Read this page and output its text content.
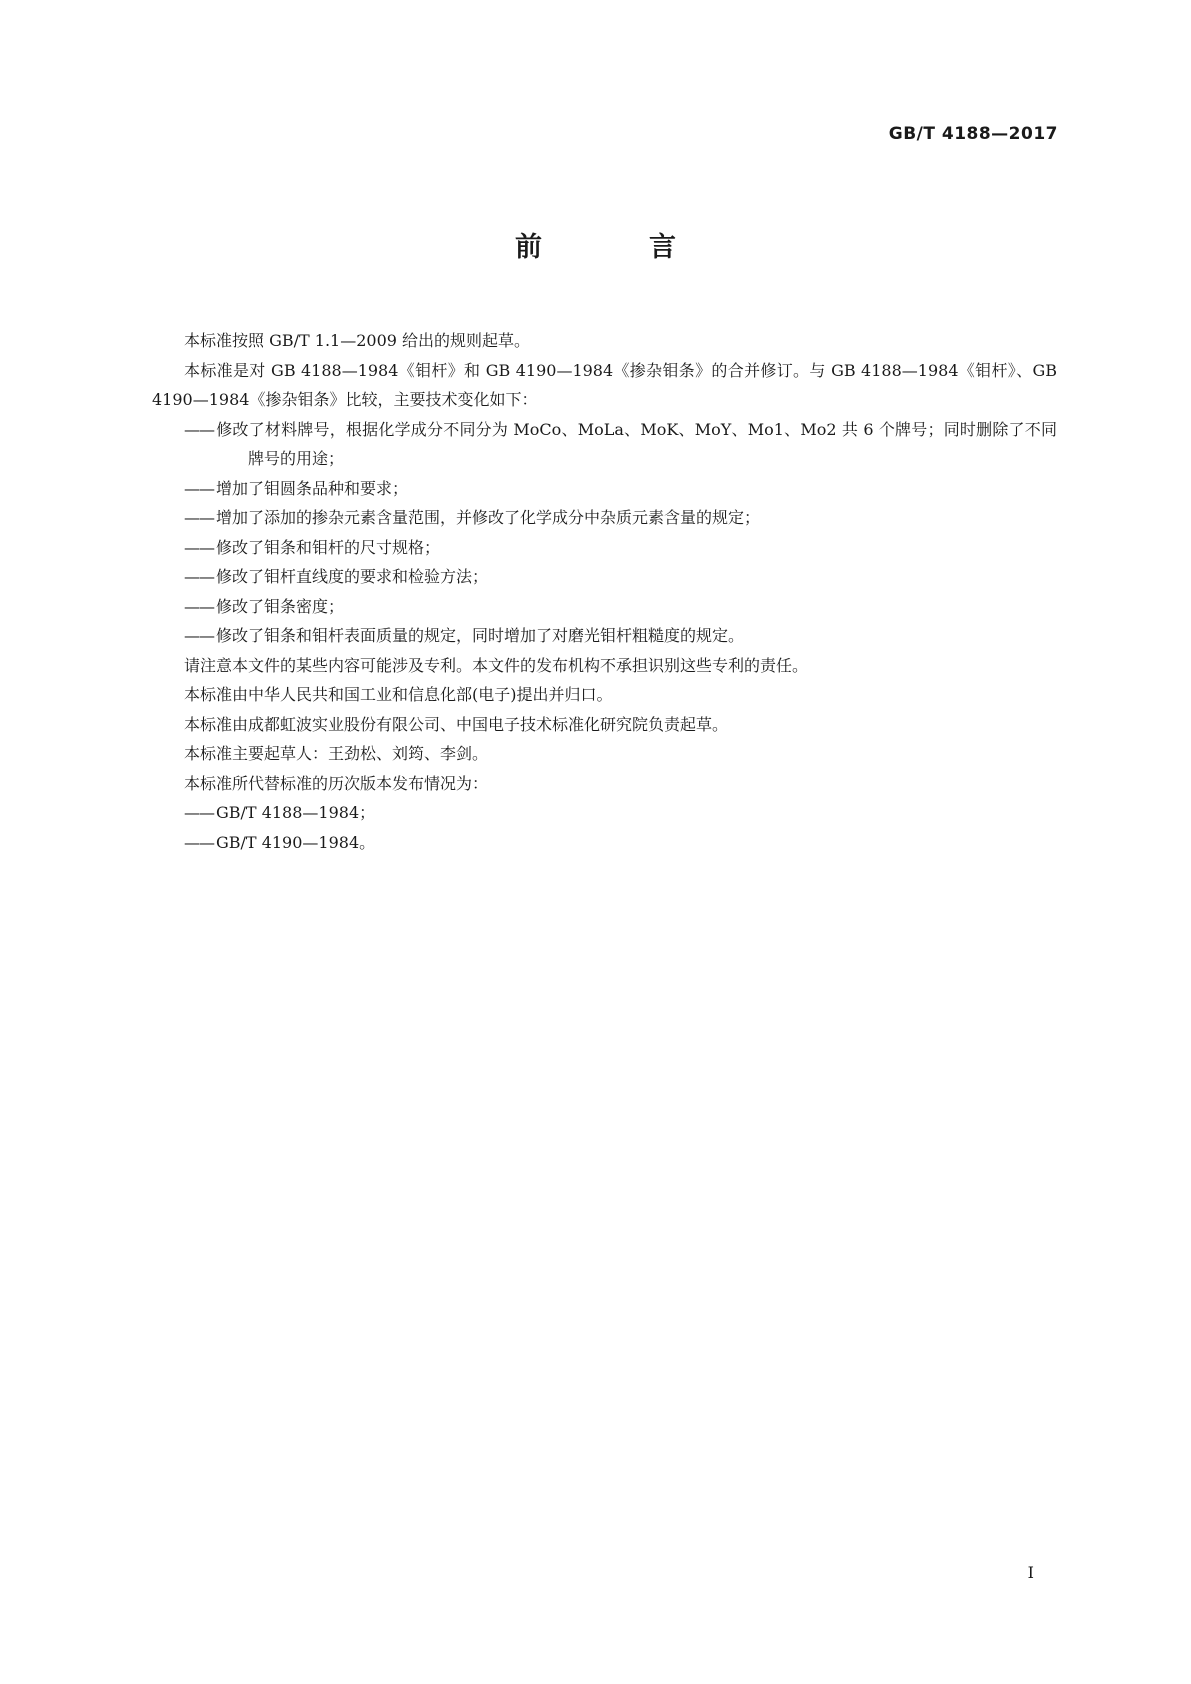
GB/T 4188—2017
前　言

本标准按照 GB/T 1.1—2009 给出的规则起草。

本标准是对 GB 4188—1984《钼杆》和 GB 4190—1984《掺杂钼条》的合并修订。与 GB 4188—1984《钼杆》、GB 4190—1984《掺杂钼条》比较，主要技术变化如下：

—— 修改了材料牌号，根据化学成分不同分为 MoCo、MoLa、MoK、MoY、Mo1、Mo2 共 6 个牌号；同时删除了不同牌号的用途；

—— 增加了钼圆条品种和要求；

—— 增加了添加的掺杂元素含量范围，并修改了化学成分中杂质元素含量的规定；

—— 修改了钼条和钼杆的尺寸规格；

—— 修改了钼杆直线度的要求和检验方法；

—— 修改了钼条密度；

—— 修改了钼条和钼杆表面质量的规定，同时增加了对磨光钼杆粗糙度的规定。

请注意本文件的某些内容可能涉及专利。本文件的发布机构不承担识别这些专利的责任。

本标准由中华人民共和国工业和信息化部(电子)提出并归口。

本标准由成都虹波实业股份有限公司、中国电子技术标准化研究院负责起草。

本标准主要起草人：王劲松、刘筠、李剑。

本标准所代替标准的历次版本发布情况为：

—— GB/T 4188—1984；

—— GB/T 4190—1984。

I
